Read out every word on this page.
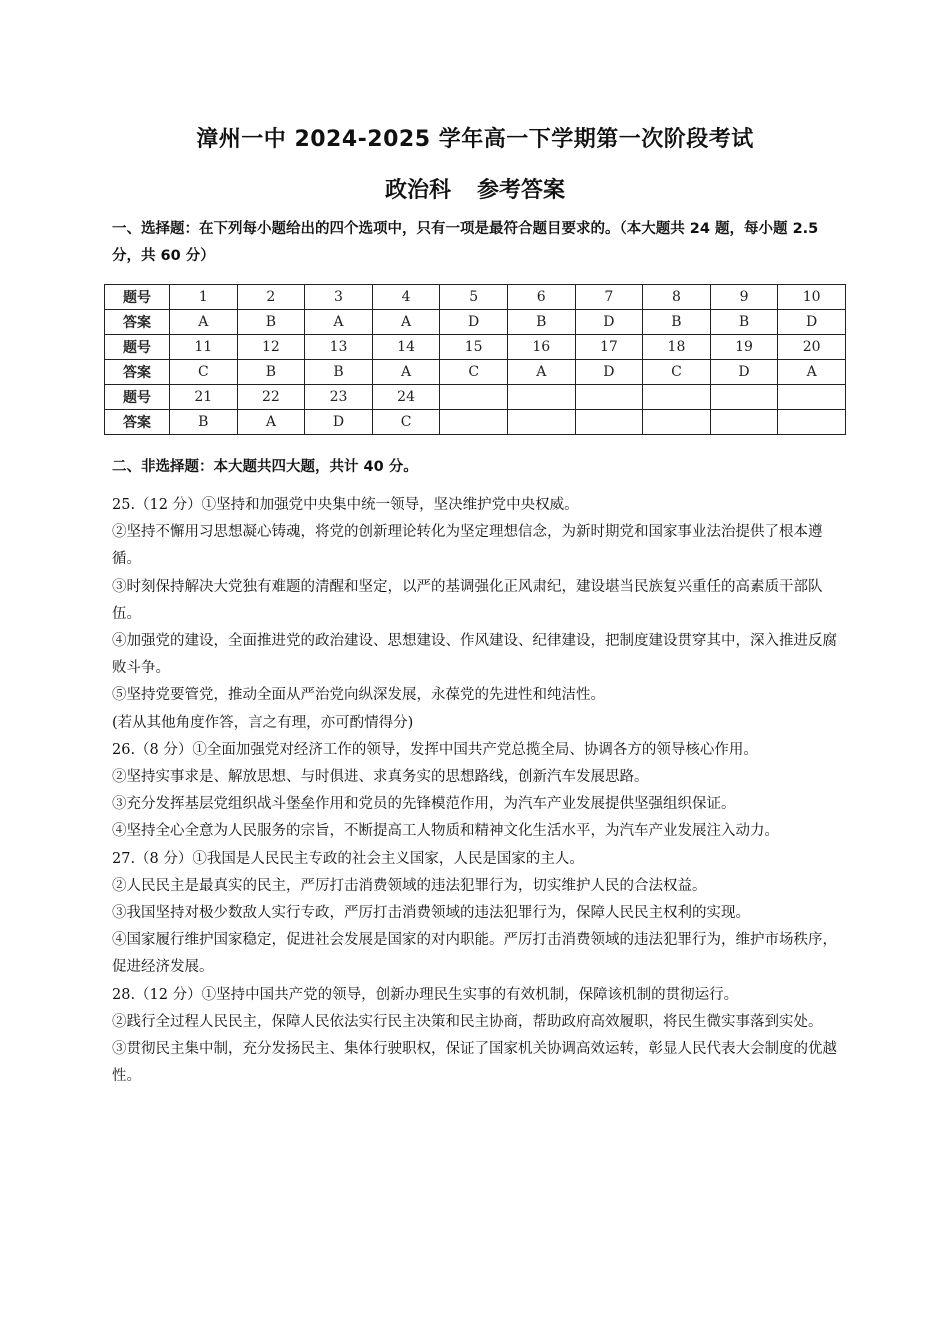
漳州一中 2024-2025 学年高一下学期第一次阶段考试
政治科 参考答案
一、选择题：在下列每小题给出的四个选项中，只有一项是最符合题目要求的。（本大题共 24 题，每小题 2.5 分，共 60 分）
题号	1	2	3	4	5	6	7	8	9	10
答案	A	B	A	A	D	B	D	B	B	D
题号	11	12	13	14	15	16	17	18	19	20
答案	C	B	B	A	C	A	D	C	D	A
题号	21	22	23	24						
答案	B	A	D	C						
二、非选择题：本大题共四大题，共计 40 分。

25.（12 分）①坚持和加强党中央集中统一领导，坚决维护党中央权威。

②坚持不懈用习思想凝心铸魂，将党的创新理论转化为坚定理想信念，为新时期党和国家事业法治提供了根本遵循。

③时刻保持解决大党独有难题的清醒和坚定，以严的基调强化正风肃纪，建设堪当民族复兴重任的高素质干部队伍。

④加强党的建设，全面推进党的政治建设、思想建设、作风建设、纪律建设，把制度建设贯穿其中，深入推进反腐败斗争。

⑤坚持党要管党，推动全面从严治党向纵深发展，永葆党的先进性和纯洁性。

(若从其他角度作答，言之有理，亦可酌情得分)

26.（8 分）①全面加强党对经济工作的领导，发挥中国共产党总揽全局、协调各方的领导核心作用。

②坚持实事求是、解放思想、与时俱进、求真务实的思想路线，创新汽车发展思路。

③充分发挥基层党组织战斗堡垒作用和党员的先锋模范作用，为汽车产业发展提供坚强组织保证。

④坚持全心全意为人民服务的宗旨，不断提高工人物质和精神文化生活水平，为汽车产业发展注入动力。

27.（8 分）①我国是人民民主专政的社会主义国家，人民是国家的主人。

②人民民主是最真实的民主，严厉打击消费领域的违法犯罪行为，切实维护人民的合法权益。

③我国坚持对极少数敌人实行专政，严厉打击消费领域的违法犯罪行为，保障人民民主权利的实现。

④国家履行维护国家稳定，促进社会发展是国家的对内职能。严厉打击消费领域的违法犯罪行为，维护市场秩序，促进经济发展。

28.（12 分）①坚持中国共产党的领导，创新办理民生实事的有效机制，保障该机制的贯彻运行。

②践行全过程人民民主，保障人民依法实行民主决策和民主协商，帮助政府高效履职，将民生微实事落到实处。

③贯彻民主集中制，充分发扬民主、集体行驶职权，保证了国家机关协调高效运转，彰显人民代表大会制度的优越性。
